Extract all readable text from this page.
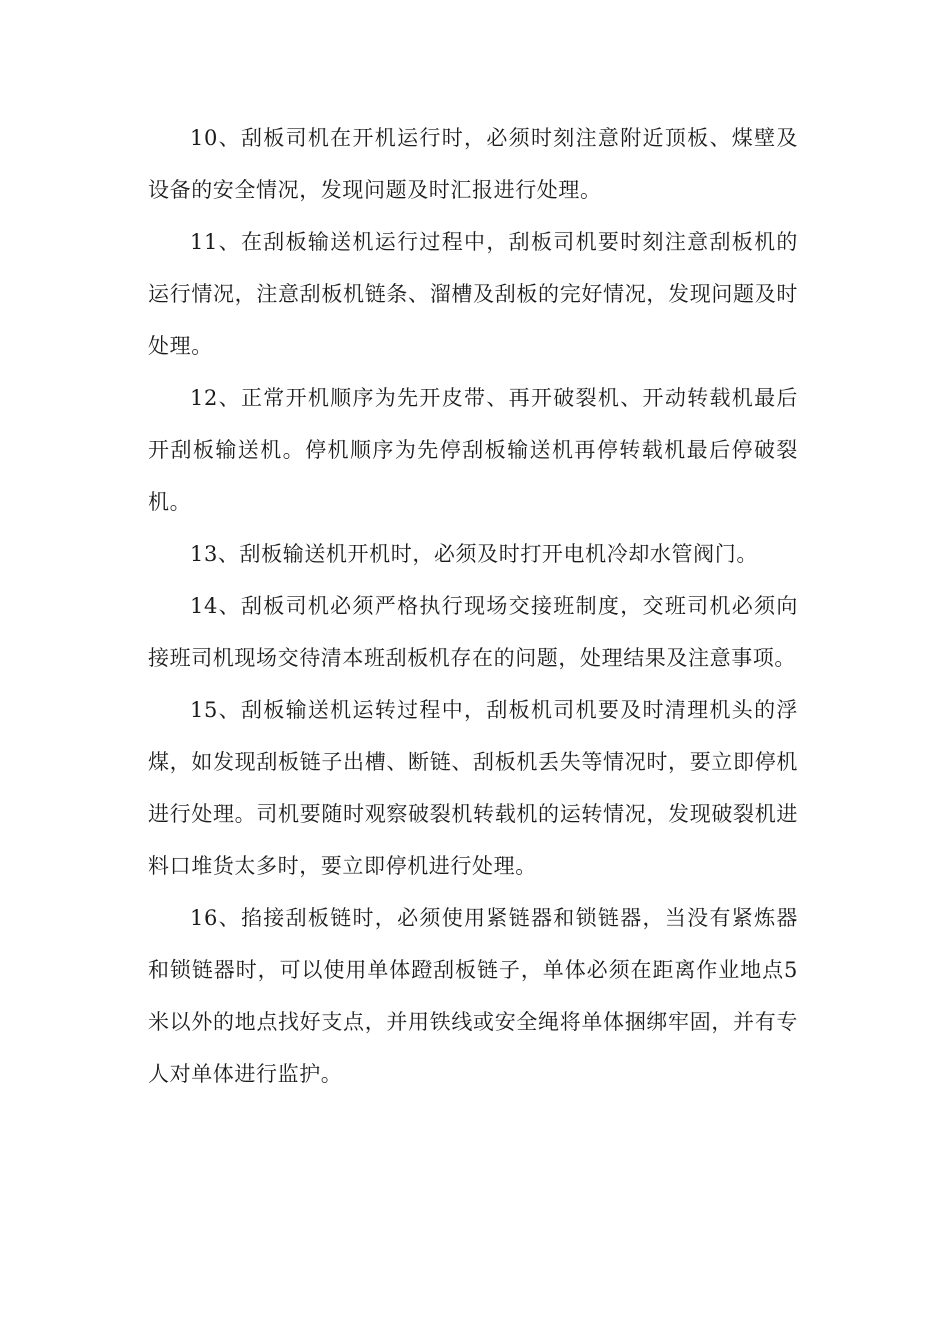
10、刮板司机在开机运行时，必须时刻注意附近顶板、煤壁及设备的安全情况，发现问题及时汇报进行处理。

11、在刮板输送机运行过程中，刮板司机要时刻注意刮板机的运行情况，注意刮板机链条、溜槽及刮板的完好情况，发现问题及时处理。

12、正常开机顺序为先开皮带、再开破裂机、开动转载机最后开刮板输送机。停机顺序为先停刮板输送机再停转载机最后停破裂机。

13、刮板输送机开机时，必须及时打开电机冷却水管阀门。

14、刮板司机必须严格执行现场交接班制度，交班司机必须向接班司机现场交待清本班刮板机存在的问题，处理结果及注意事项。

15、刮板输送机运转过程中，刮板机司机要及时清理机头的浮煤，如发现刮板链子出槽、断链、刮板机丢失等情况时，要立即停机进行处理。司机要随时观察破裂机转载机的运转情况，发现破裂机进料口堆货太多时，要立即停机进行处理。

16、掐接刮板链时，必须使用紧链器和锁链器，当没有紧炼器和锁链器时，可以使用单体蹬刮板链子，单体必须在距离作业地点5米以外的地点找好支点，并用铁线或安全绳将单体捆绑牢固，并有专人对单体进行监护。
